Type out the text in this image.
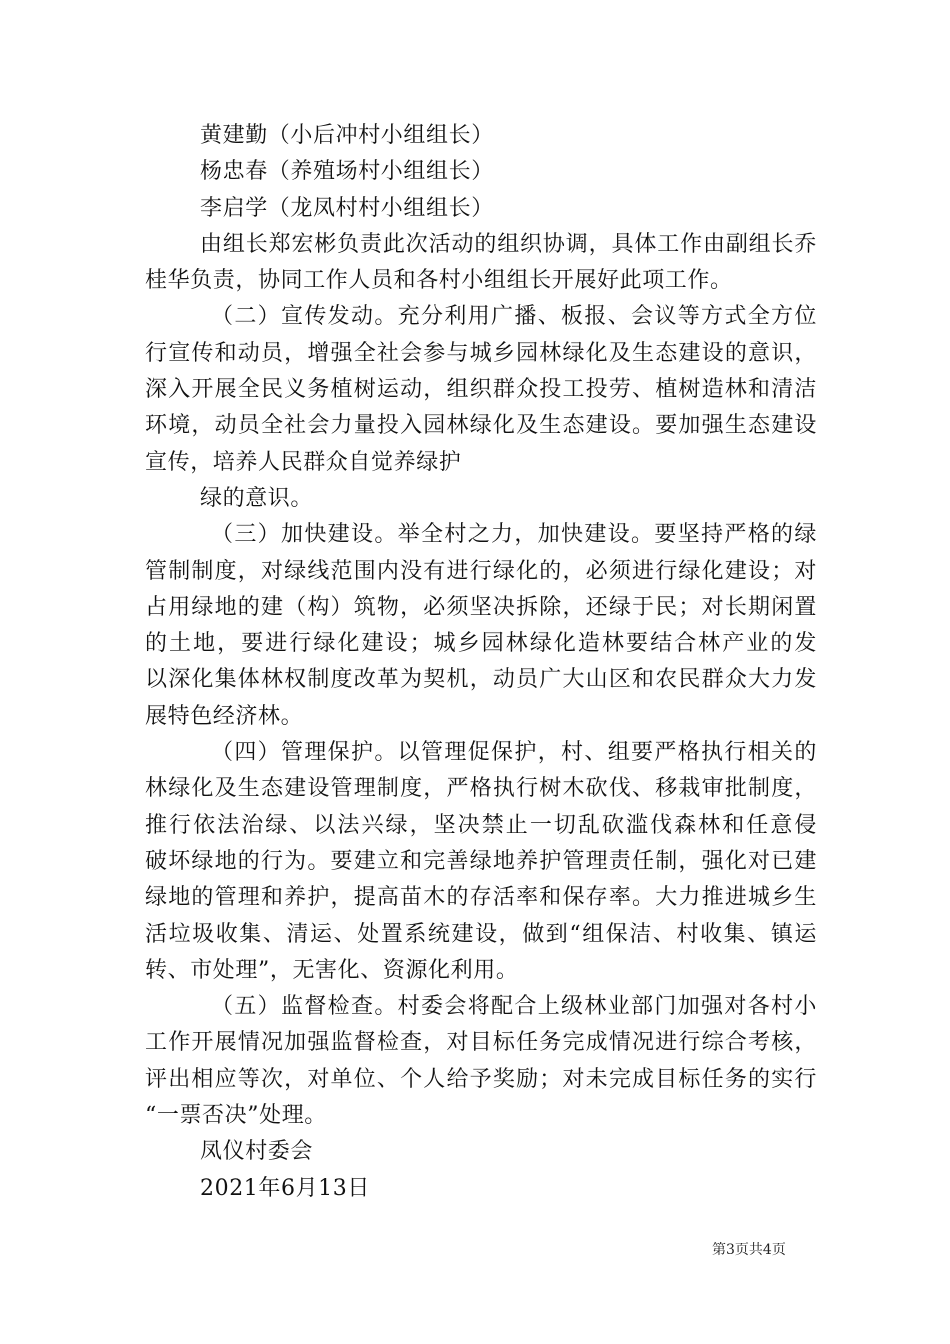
黄建勤（小后冲村小组组长）
杨忠春（养殖场村小组组长）
李启学（龙凤村村小组组长）
由组长郑宏彬负责此次活动的组织协调，具体工作由副组长乔
桂华负责，协同工作人员和各村小组组长开展好此项工作。
（二）宣传发动。充分利用广播、板报、会议等方式全方位
行宣传和动员，增强全社会参与城乡园林绿化及生态建设的意识，
深入开展全民义务植树运动，组织群众投工投劳、植树造林和清洁
环境，动员全社会力量投入园林绿化及生态建设。要加强生态建设
宣传，培养人民群众自觉养绿护
绿的意识。
（三）加快建设。举全村之力，加快建设。要坚持严格的绿
管制制度，对绿线范围内没有进行绿化的，必须进行绿化建设；对
占用绿地的建（构）筑物，必须坚决拆除，还绿于民；对长期闲置
的土地，要进行绿化建设；城乡园林绿化造林要结合林产业的发
以深化集体林权制度改革为契机，动员广大山区和农民群众大力发
展特色经济林。
（四）管理保护。以管理促保护，村、组要严格执行相关的
林绿化及生态建设管理制度，严格执行树木砍伐、移栽审批制度，
推行依法治绿、以法兴绿，坚决禁止一切乱砍滥伐森林和任意侵
破坏绿地的行为。要建立和完善绿地养护管理责任制，强化对已建
绿地的管理和养护，提高苗木的存活率和保存率。大力推进城乡生
活垃圾收集、清运、处置系统建设，做到“组保洁、村收集、镇运
转、市处理”，无害化、资源化利用。
（五）监督检查。村委会将配合上级林业部门加强对各村小
工作开展情况加强监督检查，对目标任务完成情况进行综合考核，
评出相应等次，对单位、个人给予奖励；对未完成目标任务的实行
“一票否决”处理。
凤仪村委会
2021年6月13日
第3页共4页
